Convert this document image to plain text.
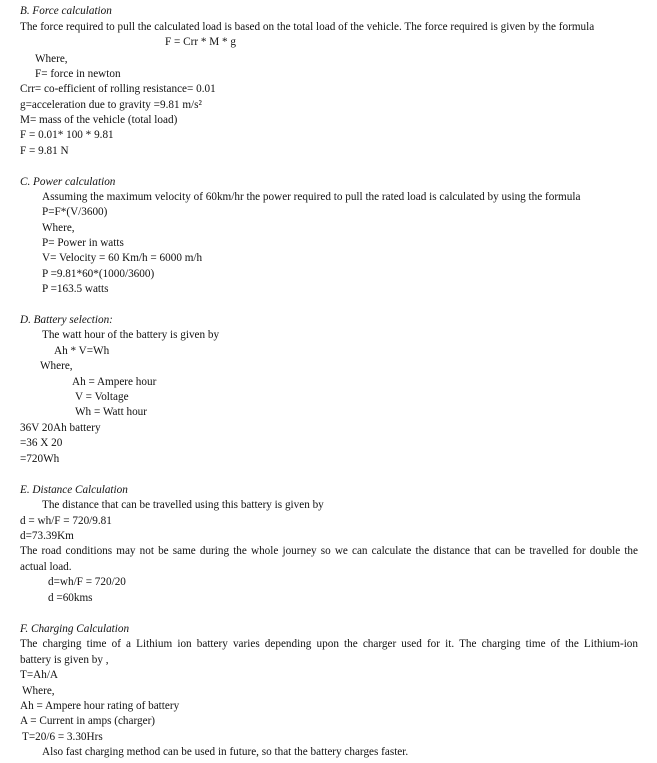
B. Force calculation
The force required to pull the calculated load is based on the total load of the vehicle. The force required is given by the formula
F = Crr * M * g
Where,
F= force in newton
Crr= co-efficient of rolling resistance= 0.01
g=acceleration due to gravity =9.81 m/s²
M= mass of the vehicle (total load)
F = 0.01* 100 * 9.81
F = 9.81 N
C. Power calculation
Assuming the maximum velocity of 60km/hr the power required to pull the rated load is calculated by using the formula
P=F*(V/3600)
Where,
P= Power in watts
V= Velocity = 60 Km/h = 6000 m/h
P =9.81*60*(1000/3600)
P =163.5 watts
D. Battery selection:
The watt hour of the battery is given by
Ah * V=Wh
Where,
Ah = Ampere hour
V = Voltage
Wh = Watt hour
36V 20Ah battery
=36 X 20
=720Wh
E. Distance Calculation
The distance that can be travelled using this battery is given by
d = wh/F = 720/9.81
d=73.39Km
The road conditions may not be same during the whole journey so we can calculate the distance that can be travelled for double the
actual load.
d=wh/F = 720/20
d =60kms
F. Charging Calculation
The charging time of a Lithium ion battery varies depending upon the charger used for it. The charging time of the Lithium-ion
battery is given by ,
T=Ah/A
Where,
Ah = Ampere hour rating of battery
A = Current in amps (charger)
T=20/6 = 3.30Hrs
Also fast charging method can be used in future, so that the battery charges faster.
